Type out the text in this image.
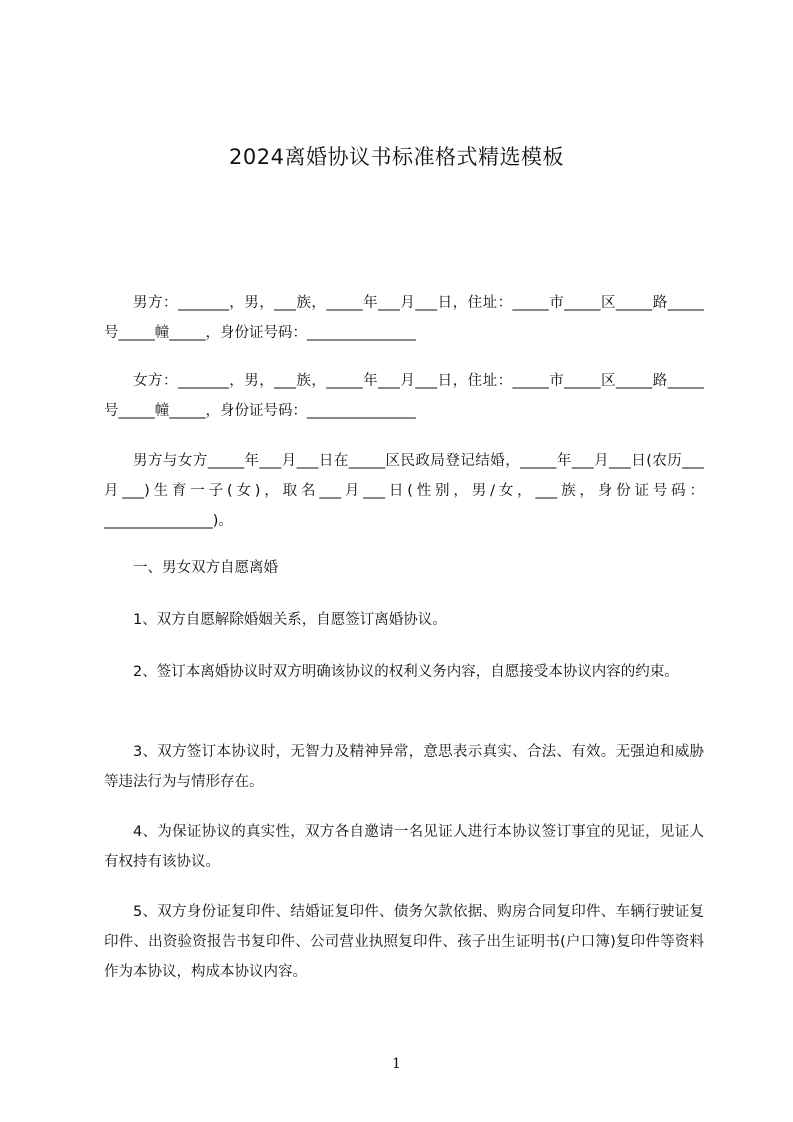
2024离婚协议书标准格式精选模板
男方：_______，男，___族，_____年___月___日，住址：_____市_____区_____路_____号_____幢_____，身份证号码：_______________
女方：_______，男，___族，_____年___月___日，住址：_____市_____区_____路_____号_____幢_____，身份证号码：_______________
男方与女方_____年___月___日在_____区民政局登记结婚，_____年___月___日(农历___月___)生育一子(女)，取名___月___日(性别，男/女，___族，身份证号码：_______________)。
一、男女双方自愿离婚
1、双方自愿解除婚姻关系，自愿签订离婚协议。
2、签订本离婚协议时双方明确该协议的权利义务内容，自愿接受本协议内容的约束。
3、双方签订本协议时，无智力及精神异常，意思表示真实、合法、有效。无强迫和威胁等违法行为与情形存在。
4、为保证协议的真实性，双方各自邀请一名见证人进行本协议签订事宜的见证，见证人有权持有该协议。
5、双方身份证复印件、结婚证复印件、债务欠款依据、购房合同复印件、车辆行驶证复印件、出资验资报告书复印件、公司营业执照复印件、孩子出生证明书(户口簿)复印件等资料作为本协议，构成本协议内容。
1
